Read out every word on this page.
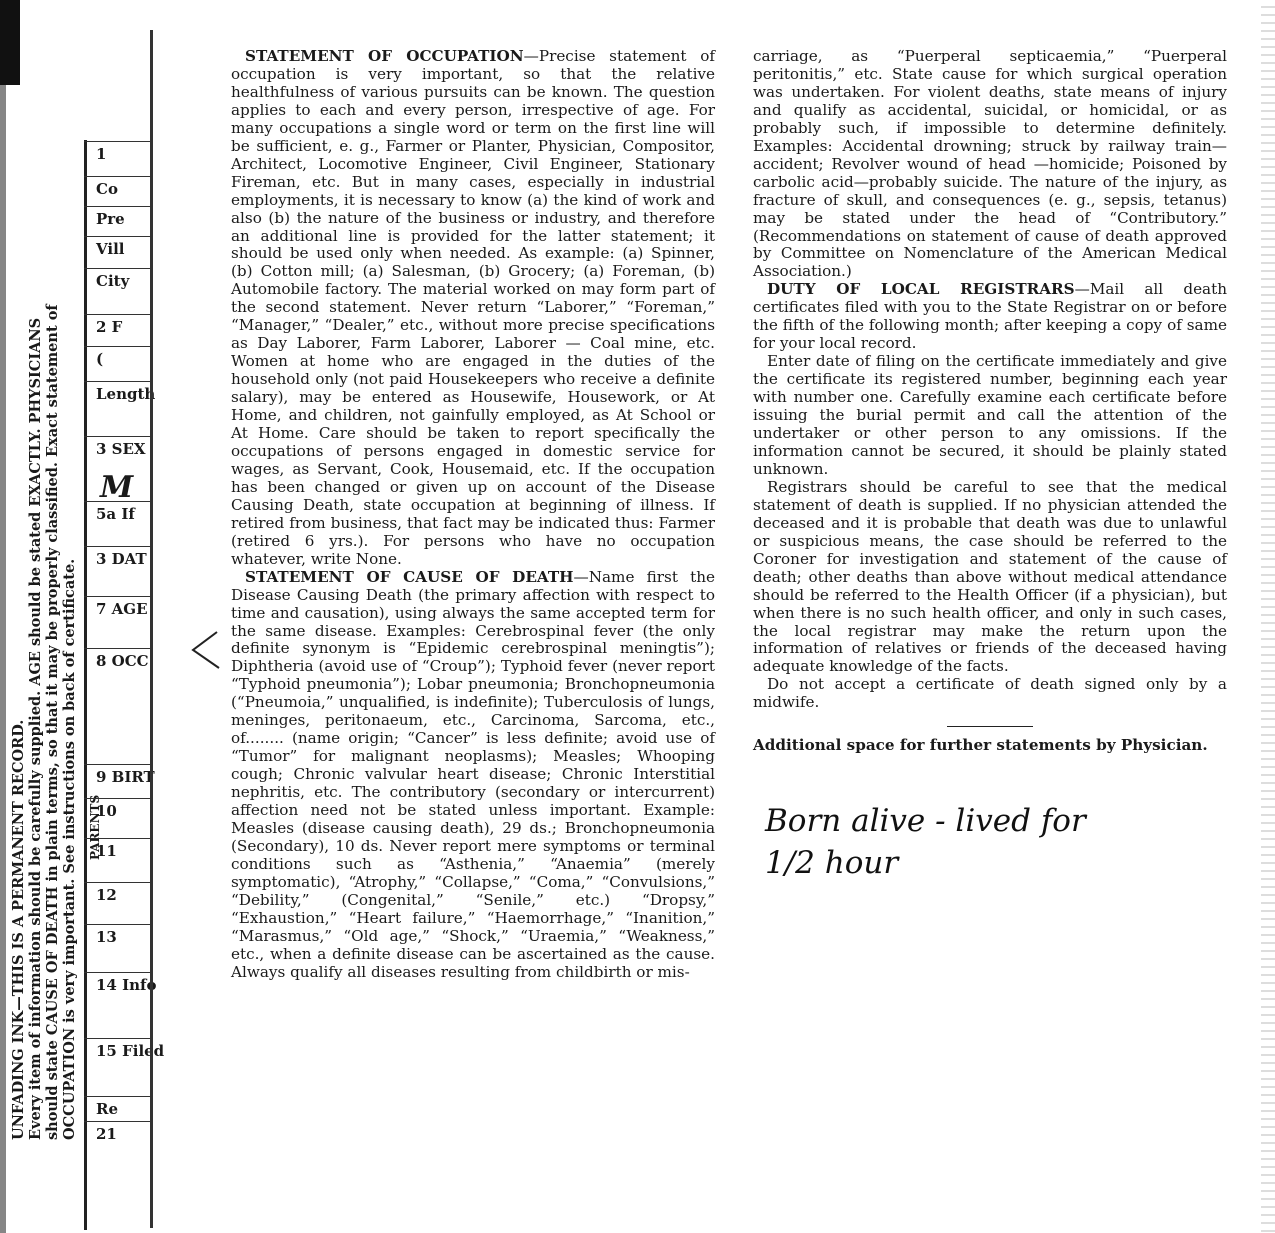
UNFADING INK—THIS IS A PERMANENT RECORD. Every item of information should be carefully supplied. AGE should be stated EXACTLY. PHYSICIANS should state CAUSE OF DEATH in plain terms, so that it may be properly classified. Exact statement of OCCUPATION is very important. See instructions on back of certificate.
1
Co
Pre
Vill
City
2 F
(
Length
3 SEX
5a If
3 DAT
7 AGE
8 OCC
9 BIRT
10
11
12
13
14 Info
15 Filed
Re
21
M
PARENTS

STATEMENT OF OCCUPATION—Precise statement of occupation is very important, so that the relative healthfulness of various pursuits can be known. The question applies to each and every person, irrespective of age. For many occupations a single word or term on the first line will be sufficient, e. g., Farmer or Planter, Physician, Compositor, Architect, Locomotive Engineer, Civil Engineer, Stationary Fireman, etc. But in many cases, especially in industrial employments, it is necessary to know (a) the kind of work and also (b) the nature of the business or industry, and therefore an additional line is provided for the latter statement; it should be used only when needed. As example: (a) Spinner, (b) Cotton mill; (a) Salesman, (b) Grocery; (a) Foreman, (b) Automobile factory. The material worked on may form part of the second statement. Never return “Laborer,” “Foreman,” “Manager,” “Dealer,” etc., without more precise specifications as Day Laborer, Farm Laborer, Laborer — Coal mine, etc. Women at home who are engaged in the duties of the household only (not paid Housekeepers who receive a definite salary), may be entered as Housewife, Housework, or At Home, and children, not gainfully employed, as At School or At Home. Care should be taken to report specifically the occupations of persons engaged in domestic service for wages, as Servant, Cook, Housemaid, etc. If the occupation has been changed or given up on account of the Disease Causing Death, state occupation at beginning of illness. If retired from business, that fact may be indicated thus: Farmer (retired 6 yrs.). For persons who have no occupation whatever, write None.

STATEMENT OF CAUSE OF DEATH—Name first the Disease Causing Death (the primary affection with respect to time and causation), using always the same accepted term for the same disease. Examples: Cerebrospinal fever (the only definite synonym is “Epidemic cerebrospinal meningtis”); Diphtheria (avoid use of “Croup”); Typhoid fever (never report “Typhoid pneumonia”); Lobar pneumonia; Bronchopneumonia (“Pneumoia,” unqualified, is indefinite); Tuberculosis of lungs, meninges, peritonaeum, etc., Carcinoma, Sarcoma, etc., of........ (name origin; “Cancer” is less definite; avoid use of “Tumor” for malignant neoplasms); Measles; Whooping cough; Chronic valvular heart disease; Chronic Interstitial nephritis, etc. The contributory (secondary or intercurrent) affection need not be stated unless important. Example: Measles (disease causing death), 29 ds.; Bronchopneumonia (Secondary), 10 ds. Never report mere symptoms or terminal conditions such as “Asthenia,” “Anaemia” (merely symptomatic), “Atrophy,” “Collapse,” “Coma,” “Convulsions,” “Debility,” (Congenital,” “Senile,” etc.) “Dropsy,” “Exhaustion,” “Heart failure,” “Haemorrhage,” “Inanition,” “Marasmus,” “Old age,” “Shock,” “Uraemia,” “Weakness,” etc., when a definite disease can be ascertained as the cause. Always qualify all diseases resulting from childbirth or mis-

carriage, as “Puerperal septicaemia,” “Puerperal peritonitis,” etc. State cause for which surgical operation was undertaken. For violent deaths, state means of injury and qualify as accidental, suicidal, or homicidal, or as probably such, if impossible to determine definitely. Examples: Accidental drowning; struck by railway train—accident; Revolver wound of head —homicide; Poisoned by carbolic acid—probably suicide. The nature of the injury, as fracture of skull, and consequences (e. g., sepsis, tetanus) may be stated under the head of “Contributory.” (Recommendations on statement of cause of death approved by Committee on Nomenclature of the American Medical Association.)

DUTY OF LOCAL REGISTRARS—Mail all death certificates filed with you to the State Registrar on or before the fifth of the following month; after keeping a copy of same for your local record.

Enter date of filing on the certificate immediately and give the certificate its registered number, beginning each year with number one. Carefully examine each certificate before issuing the burial permit and call the attention of the undertaker or other person to any omissions. If the information cannot be secured, it should be plainly stated unknown.

Registrars should be careful to see that the medical statement of death is supplied. If no physician attended the deceased and it is probable that death was due to unlawful or suspicious means, the case should be referred to the Coroner for investigation and statement of the cause of death; other deaths than above without medical attendance should be referred to the Health Officer (if a physician), but when there is no such health officer, and only in such cases, the local registrar may make the return upon the information of relatives or friends of the deceased having adequate knowledge of the facts.

Do not accept a certificate of death signed only by a midwife.

Additional space for further statements by Physician.

Born alive - lived for
1/2 hour
